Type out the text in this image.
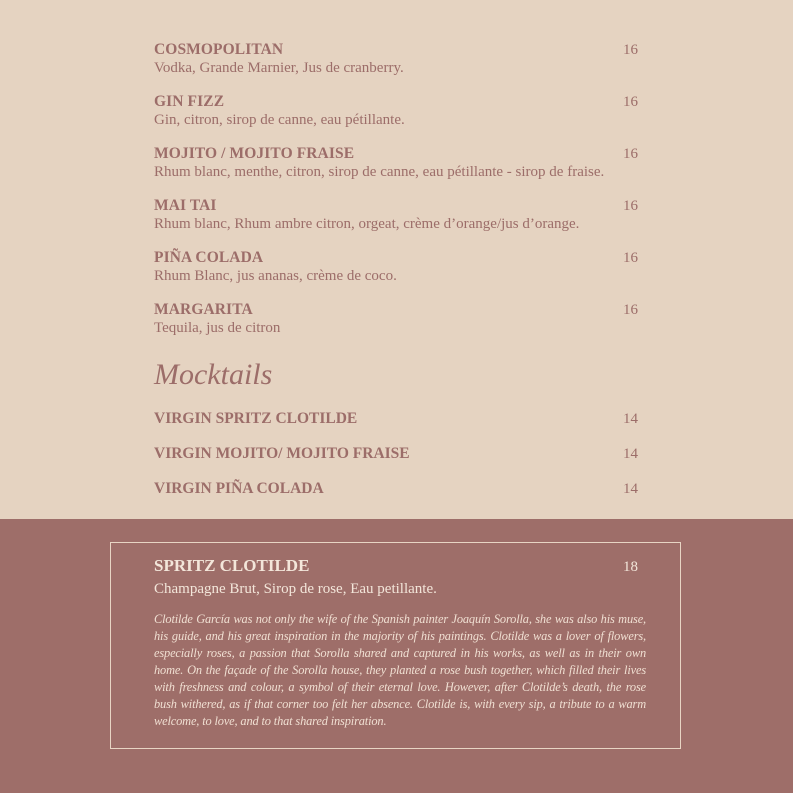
COSMOPOLITAN	16
Vodka, Grande Marnier, Jus de cranberry.
GIN FIZZ	16
Gin, citron, sirop de canne, eau pétillante.
MOJITO / MOJITO FRAISE	16
Rhum blanc, menthe, citron, sirop de canne, eau pétillante - sirop de fraise.
MAI TAI	16
Rhum blanc, Rhum ambre citron, orgeat, crème d’orange/jus d’orange.
PIÑA COLADA	16
Rhum Blanc, jus ananas, crème de coco.
MARGARITA	16
Tequila, jus de citron
Mocktails
VIRGIN SPRITZ CLOTILDE	14
VIRGIN MOJITO/ MOJITO FRAISE	14
VIRGIN PIÑA COLADA	14
SPRITZ CLOTILDE	18
Champagne Brut, Sirop de rose, Eau petillante.
Clotilde García was not only the wife of the Spanish painter Joaquín Sorolla, she was also his muse, his guide, and his great inspiration in the majority of his paintings. Clotilde was a lover of flowers, especially roses, a passion that Sorolla shared and captured in his works, as well as in their own home. On the façade of the Sorolla house, they planted a rose bush together, which filled their lives with freshness and colour, a symbol of their eternal love. However, after Clotilde’s death, the rose bush withered, as if that corner too felt her absence. Clotilde is, with every sip, a tribute to a warm welcome, to love, and to that shared inspiration.
